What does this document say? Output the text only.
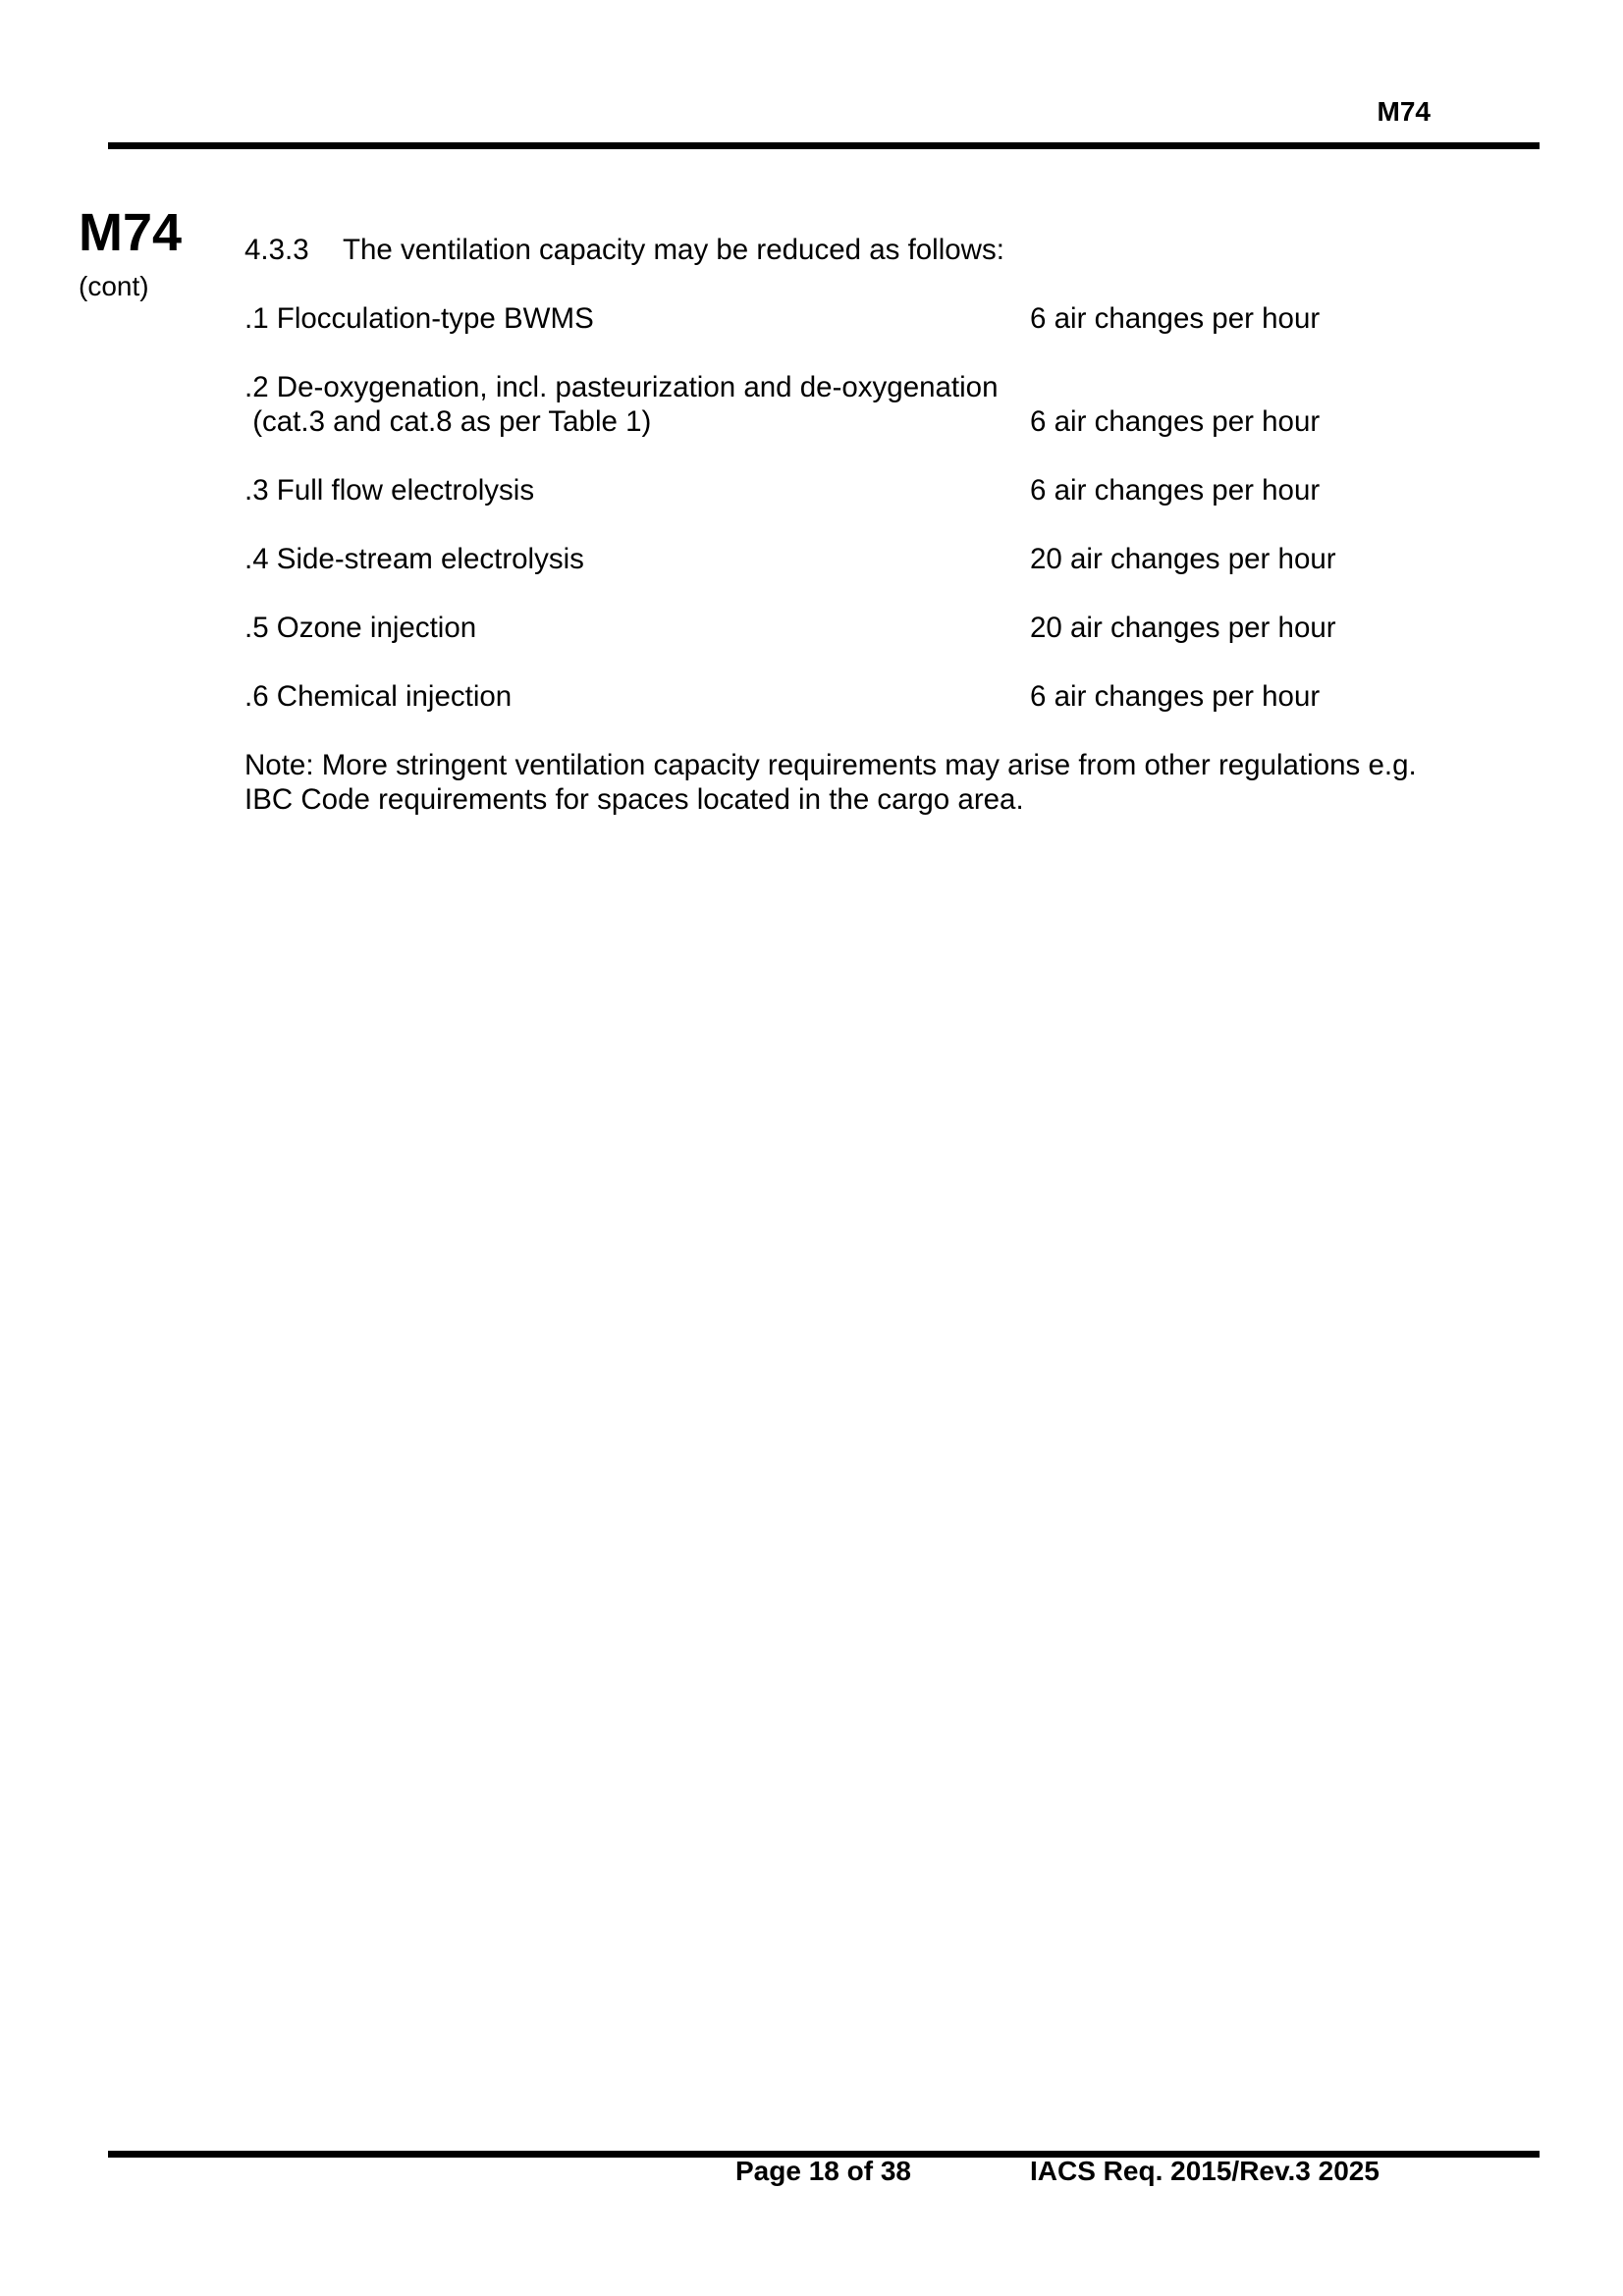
M74
M74
(cont)
4.3.3 The ventilation capacity may be reduced as follows:
.1 Flocculation-type BWMS	6 air changes per hour
.2 De-oxygenation, incl. pasteurization and de-oxygenation
(cat.3 and cat.8 as per Table 1)	6 air changes per hour
.3 Full flow electrolysis	6 air changes per hour
.4 Side-stream electrolysis	20 air changes per hour
.5 Ozone injection	20 air changes per hour
.6 Chemical injection	6 air changes per hour
Note: More stringent ventilation capacity requirements may arise from other regulations e.g.
IBC Code requirements for spaces located in the cargo area.
Page 18 of 38	IACS Req. 2015/Rev.3 2025
